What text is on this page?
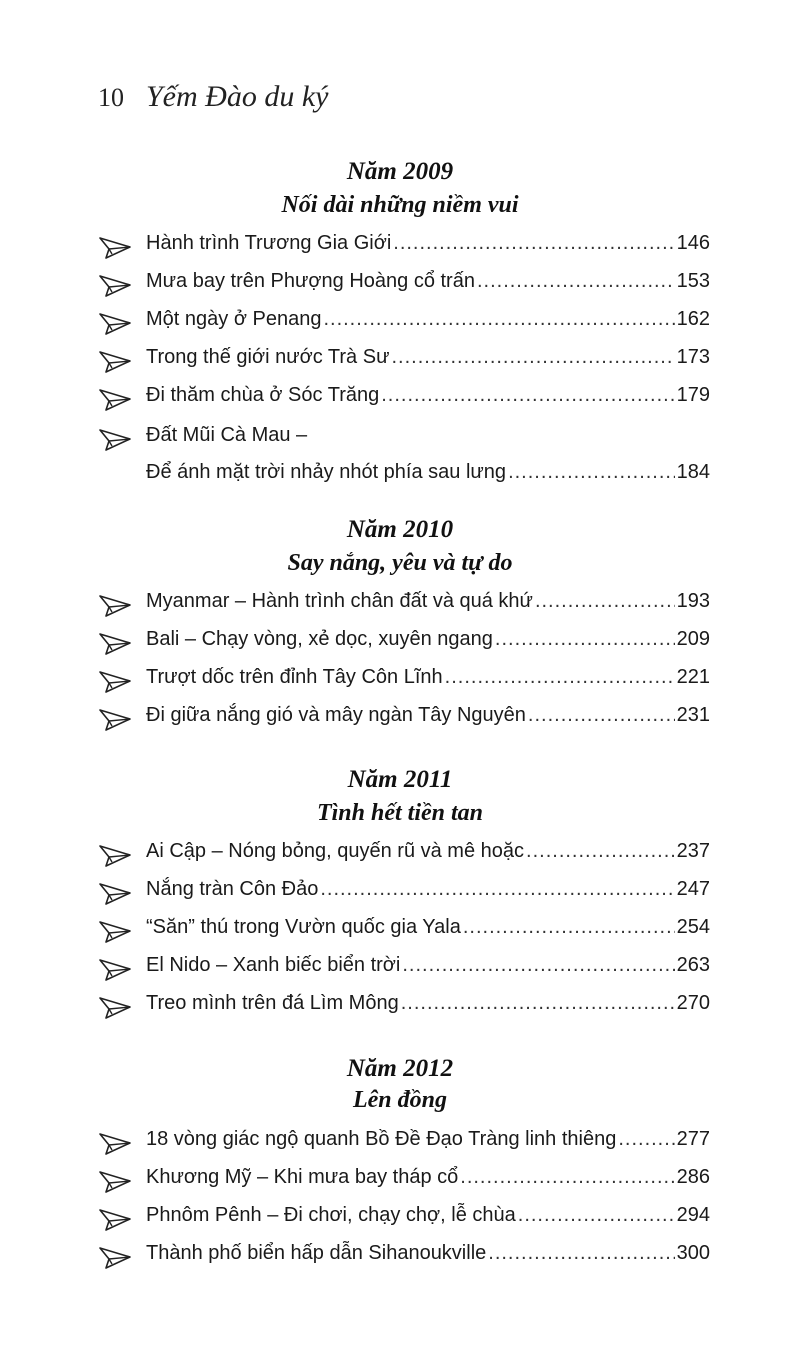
10 Yếm Đào du ký
Năm 2009
Nối dài những niềm vui
Hành trình Trương Gia Giới .....	146
Mưa bay trên Phượng Hoàng cổ trấn .....	153
Một ngày ở Penang .....	162
Trong thế giới nước Trà Sư .....	173
Đi thăm chùa ở Sóc Trăng .....	179
Đất Mũi Cà Mau –
Để ánh mặt trời nhảy nhót phía sau lưng .....	184
Năm 2010
Say nắng, yêu và tự do
Myanmar – Hành trình chân đất và quá khứ .....	193
Bali – Chạy vòng, xẻ dọc, xuyên ngang .....	209
Trượt dốc trên đỉnh Tây Côn Lĩnh .....	221
Đi giữa nắng gió và mây ngàn Tây Nguyên .....	231
Năm 2011
Tình hết tiền tan
Ai Cập – Nóng bỏng, quyến rũ và mê hoặc .....	237
Nắng tràn Côn Đảo .....	247
“Săn” thú trong Vườn quốc gia Yala .....	254
El Nido – Xanh biếc biển trời .....	263
Treo mình trên đá Lìm Mông .....	270
Năm 2012
Lên đồng
18 vòng giác ngộ quanh Bồ Đề Đạo Tràng linh thiêng .....	277
Khương Mỹ – Khi mưa bay tháp cổ .....	286
Phnôm Pênh – Đi chơi, chạy chợ, lễ chùa .....	294
Thành phố biển hấp dẫn Sihanoukville .....	300
